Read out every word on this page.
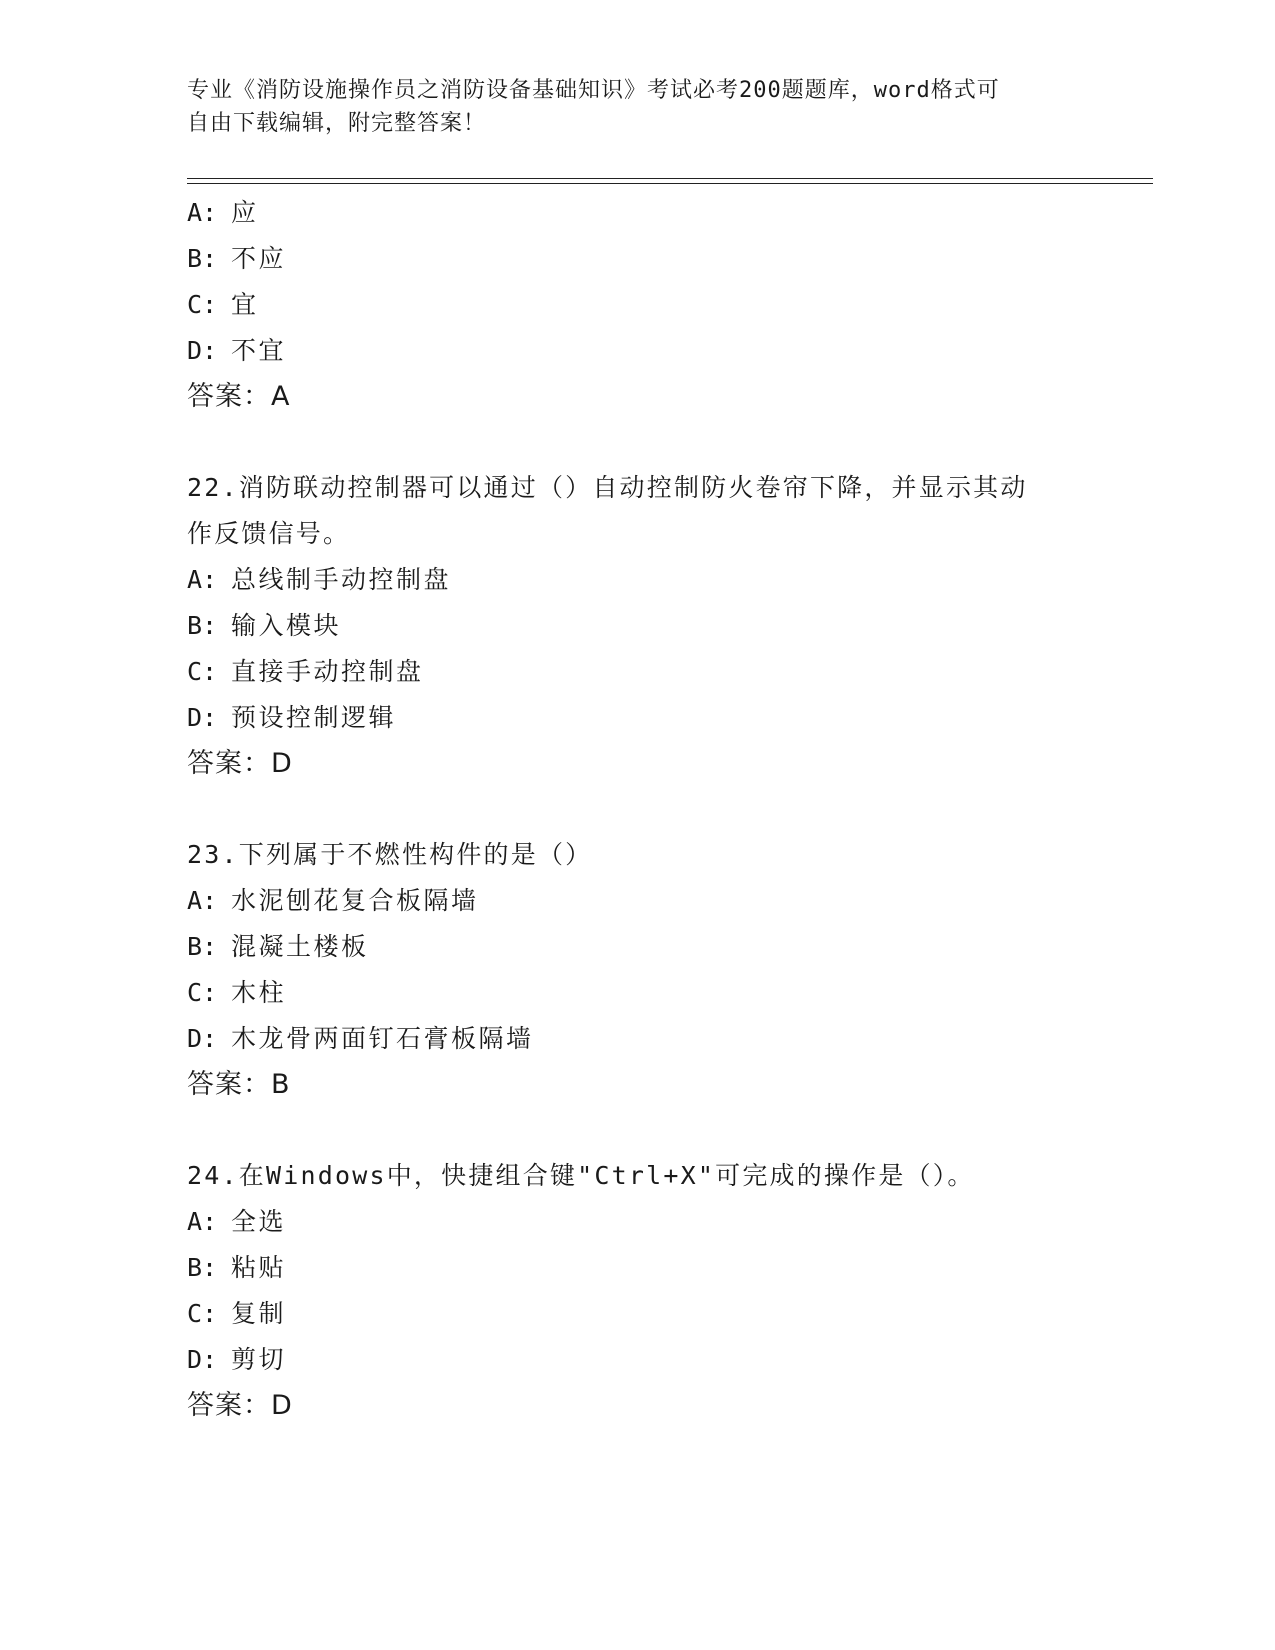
专业《消防设施操作员之消防设备基础知识》考试必考200题题库，word格式可
自由下载编辑，附完整答案！
A: 应
B: 不应
C: 宜
D: 不宜
答案：A
22.消防联动控制器可以通过（）自动控制防火卷帘下降，并显示其动
作反馈信号。
A: 总线制手动控制盘
B: 输入模块
C: 直接手动控制盘
D: 预设控制逻辑
答案：D
23.下列属于不燃性构件的是（）
A: 水泥刨花复合板隔墙
B: 混凝土楼板
C: 木柱
D: 木龙骨两面钉石膏板隔墙
答案：B
24.在Windows中，快捷组合键"Ctrl+X"可完成的操作是（）。
A: 全选
B: 粘贴
C: 复制
D: 剪切
答案：D
